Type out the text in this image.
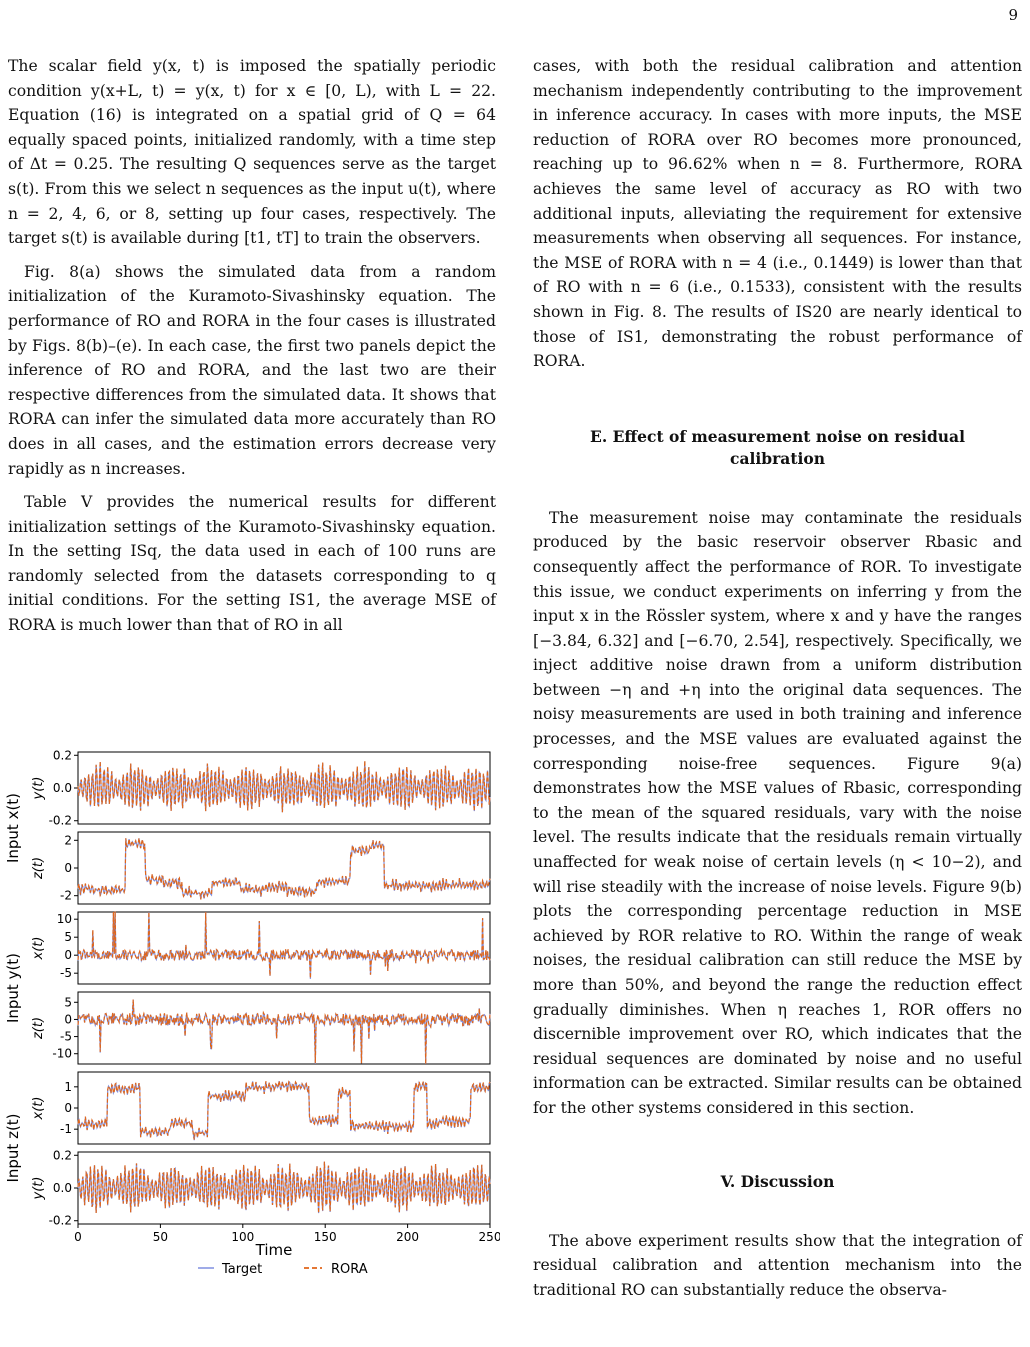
9

The scalar field y(x, t) is imposed the spatially periodic condition y(x+L, t) = y(x, t) for x ∈ [0, L), with L = 22. Equation (16) is integrated on a spatial grid of Q = 64 equally spaced points, initialized randomly, with a time step of Δt = 0.25. The resulting Q sequences serve as the target s(t). From this we select n sequences as the input u(t), where n = 2, 4, 6, or 8, setting up four cases, respectively. The target s(t) is available during [t1, tT] to train the observers.

Fig. 8(a) shows the simulated data from a random initialization of the Kuramoto-Sivashinsky equation. The performance of RO and RORA in the four cases is illustrated by Figs. 8(b)–(e). In each case, the first two panels depict the inference of RO and RORA, and the last two are their respective differences from the simulated data. It shows that RORA can infer the simulated data more accurately than RO does in all cases, and the estimation errors decrease very rapidly as n increases.

Table V provides the numerical results for different initialization settings of the Kuramoto-Sivashinsky equation. In the setting ISq, the data used in each of 100 runs are randomly selected from the datasets corresponding to q initial conditions. For the setting IS1, the average MSE of RORA is much lower than that of RO in all

cases, with both the residual calibration and attention mechanism independently contributing to the improvement in inference accuracy. In cases with more inputs, the MSE reduction of RORA over RO becomes more pronounced, reaching up to 96.62% when n = 8. Furthermore, RORA achieves the same level of accuracy as RO with two additional inputs, alleviating the requirement for extensive measurements when observing all sequences. For instance, the MSE of RORA with n = 4 (i.e., 0.1449) is lower than that of RO with n = 6 (i.e., 0.1533), consistent with the results shown in Fig. 8. The results of IS20 are nearly identical to those of IS1, demonstrating the robust performance of RORA.

E. Effect of measurement noise on residual

calibration

The measurement noise may contaminate the residuals produced by the basic reservoir observer Rbasic and consequently affect the performance of ROR. To investigate this issue, we conduct experiments on inferring y from the input x in the Rössler system, where x and y have the ranges [−3.84, 6.32] and [−6.70, 2.54], respectively. Specifically, we inject additive noise drawn from a uniform distribution between −η and +η into the original data sequences. The noisy measurements are used in both training and inference processes, and the MSE values are evaluated against the corresponding noise-free sequences. Figure 9(a) demonstrates how the MSE values of Rbasic, corresponding to the mean of the squared residuals, vary with the noise level. The results indicate that the residuals remain virtually unaffected for weak noise of certain levels (η < 10−2), and will rise steadily with the increase of noise levels. Figure 9(b) plots the corresponding percentage reduction in MSE achieved by ROR relative to RO. Within the range of weak noises, the residual calibration can still reduce the MSE by more than 50%, and beyond the range the reduction effect gradually diminishes. When η reaches 1, ROR offers no discernible improvement over RO, which indicates that the residual sequences are dominated by noise and no useful information can be extracted. Similar results can be obtained for the other systems considered in this section.

V. Discussion

The above experiment results show that the integration of residual calibration and attention mechanism into the traditional RO can substantially reduce the observa-

0.2
0.0
-0.2
y(t)
2
0
-2
z(t)
10
5
0
-5
x(t)
5
0
-5
-10
z(t)
1
0
-1
x(t)
0.2
0.0
-0.2
y(t)
Input x(t)
Input y(t)
Input z(t)
0	50	100	150	200	250
Time
Target	RORA
